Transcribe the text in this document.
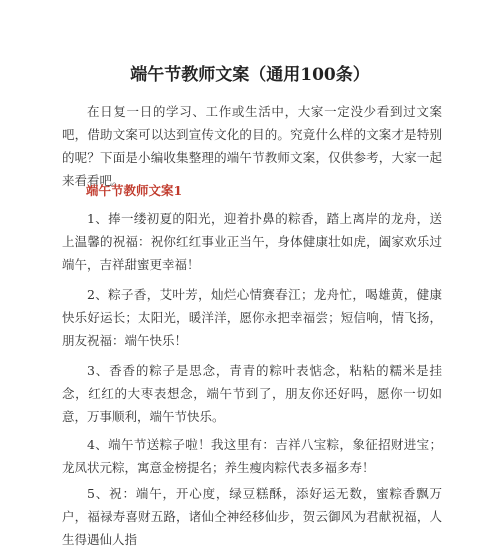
端午节教师文案（通用100条）

在日复一日的学习、工作或生活中，大家一定没少看到过文案吧，借助文案可以达到宣传文化的目的。究竟什么样的文案才是特别的呢？下面是小编收集整理的端午节教师文案，仅供参考，大家一起来看看吧。

端午节教师文案1

1、捧一缕初夏的阳光，迎着扑鼻的粽香，踏上离岸的龙舟，送上温馨的祝福：祝你红红事业正当午，身体健康壮如虎，阖家欢乐过端午，吉祥甜蜜更幸福！

2、粽子香，艾叶芳，灿烂心情赛春江；龙舟忙，喝雄黄，健康快乐好运长；太阳光，暖洋洋，愿你永把幸福尝；短信响，情飞扬，朋友祝福：端午快乐！

3、香香的粽子是思念，青青的粽叶表惦念，粘粘的糯米是挂念，红红的大枣表想念，端午节到了，朋友你还好吗，愿你一切如意，万事顺利，端午节快乐。

4、端午节送粽子啦！我这里有：吉祥八宝粽，象征招财进宝；龙凤状元粽，寓意金榜提名；养生瘦肉粽代表多福多寿！

5、祝：端午，开心度，绿豆糕酥，添好运无数，蜜粽香飘万户，福禄寿喜财五路，诸仙仝神经移仙步，贺云御风为君献祝福，人生得遇仙人指
